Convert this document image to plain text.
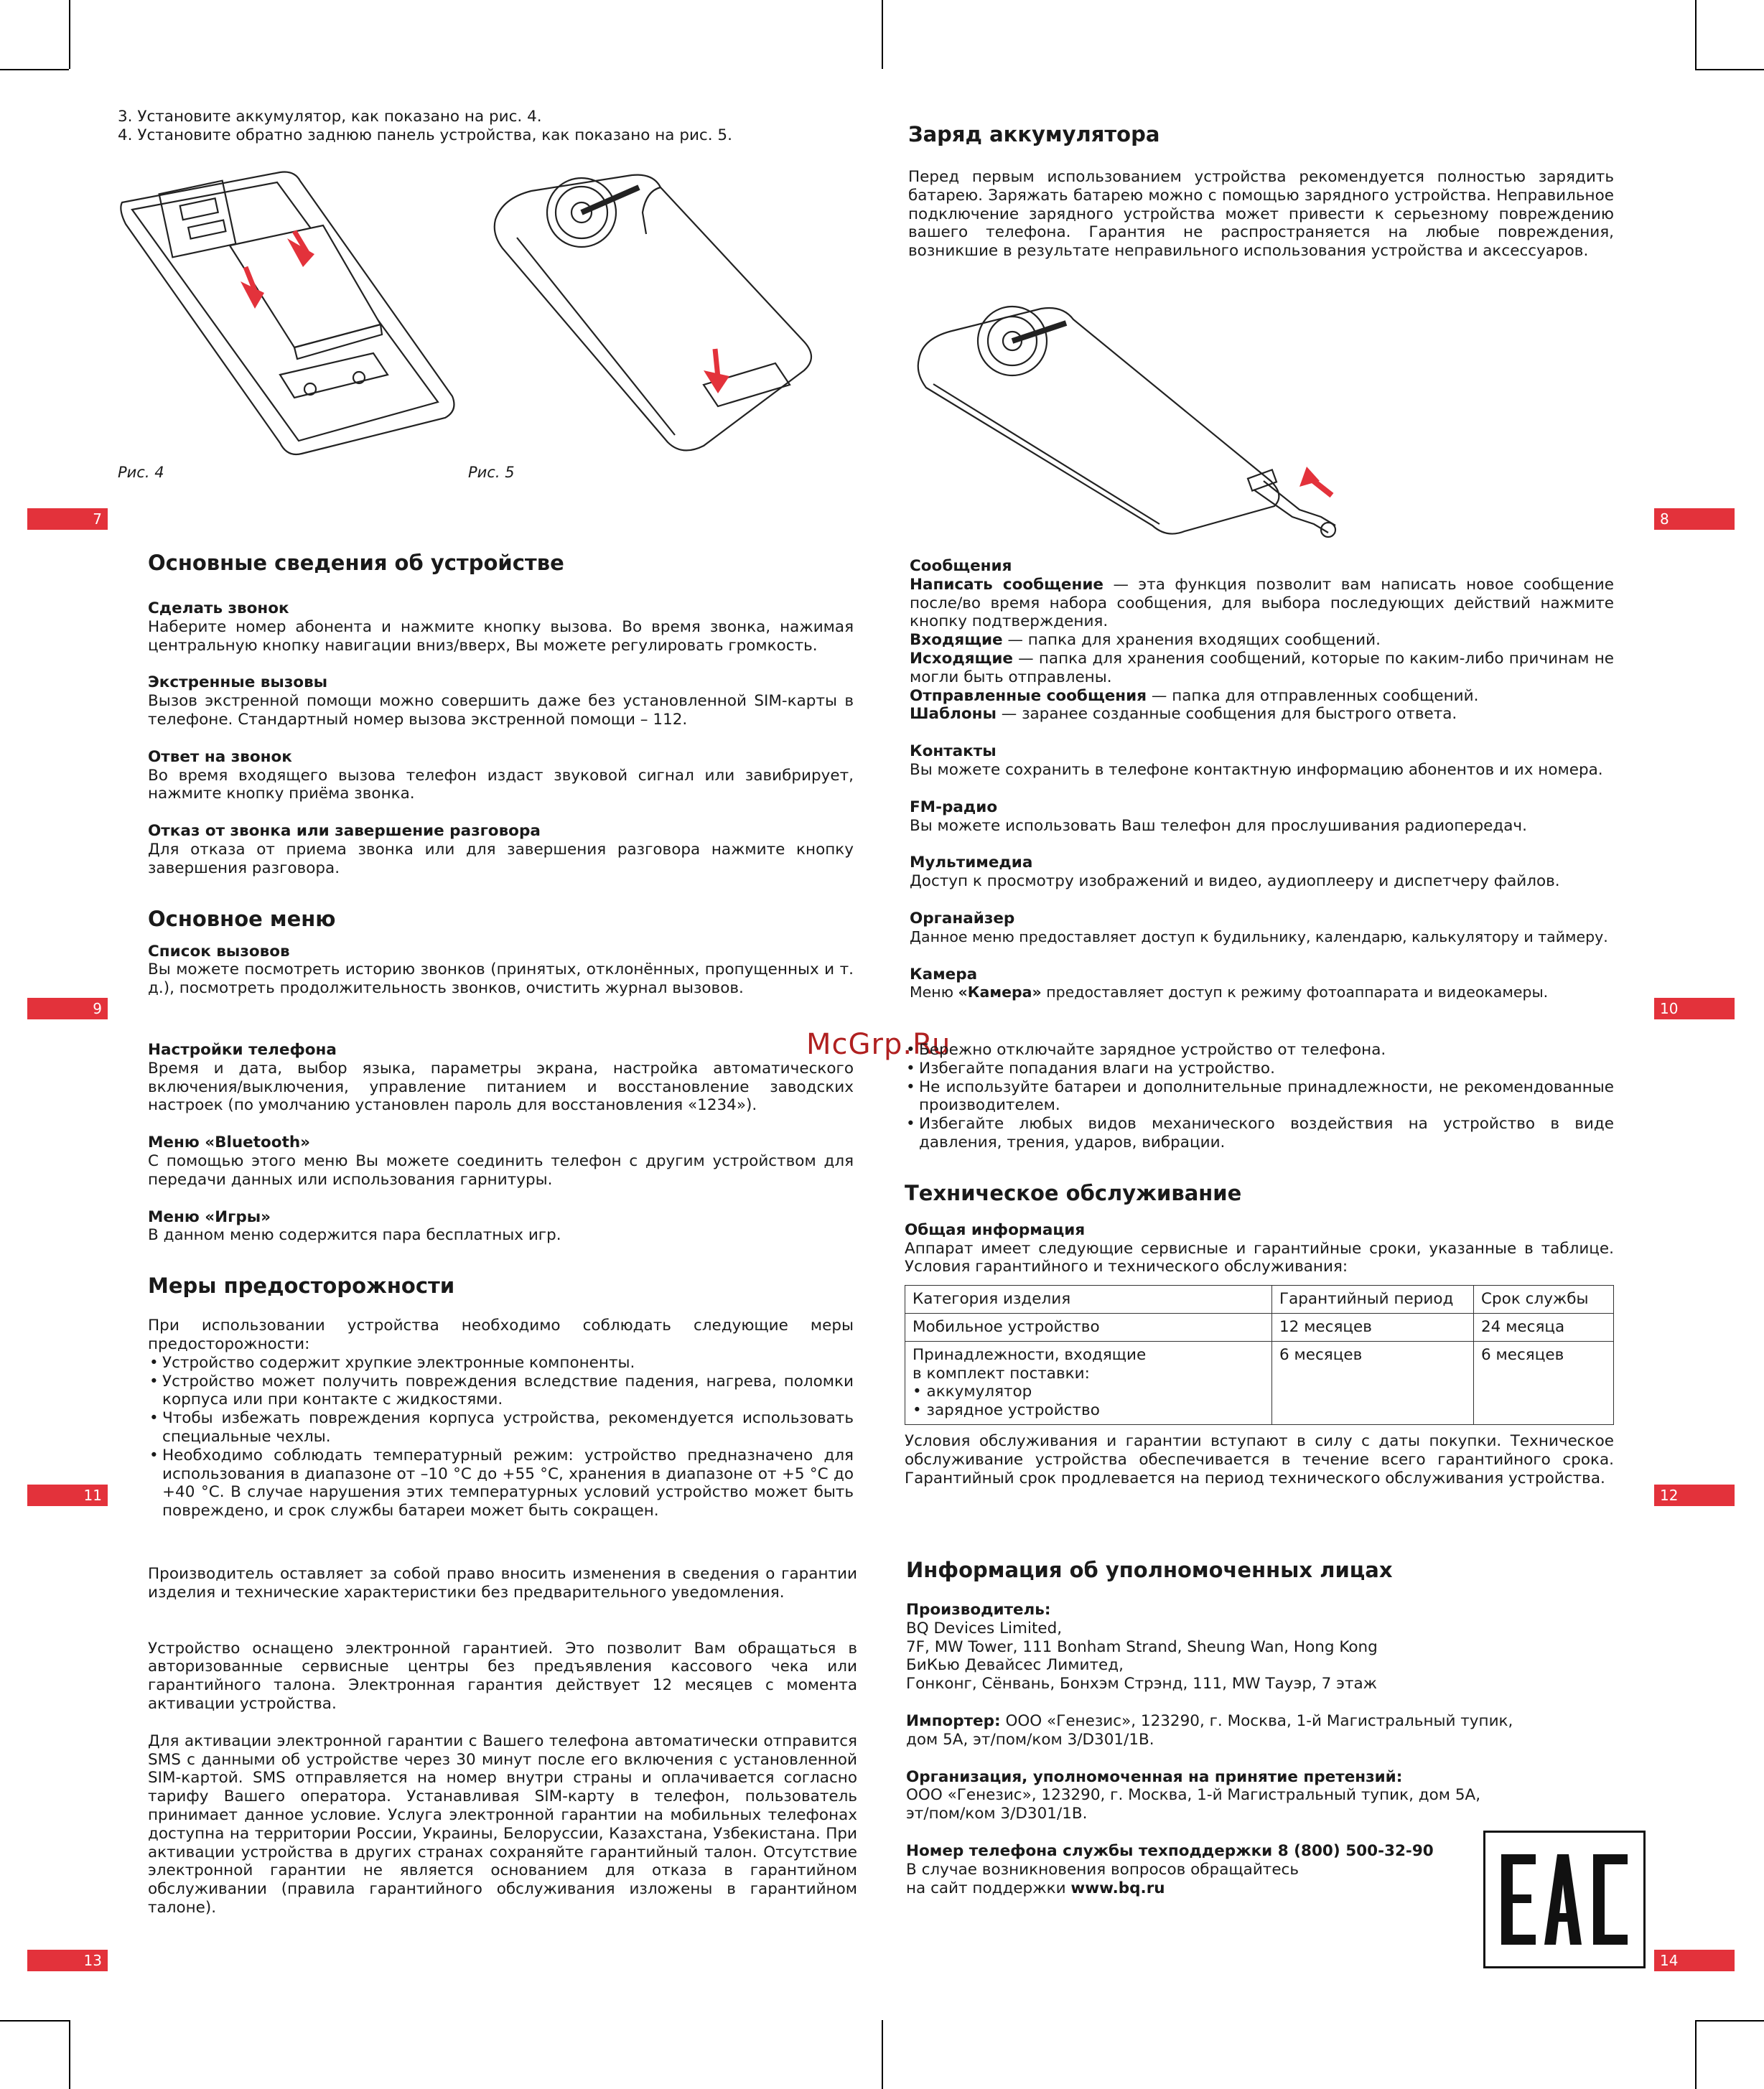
7	8
9	10
11	12
13	14

3. Установите аккумулятор, как показано на рис. 4.

4. Установите обратно заднюю панель устройства, как показано на рис. 5.

Рис. 4	Рис. 5
Заряд аккумулятора

Перед первым использованием устройства рекомендуется полностью зарядить батарею. Заряжать батарею можно с помощью зарядного устройства. Неправильное подключение зарядного устройства может привести к серьезному повреждению вашего телефона. Гарантия не распространяется на любые повреждения, возникшие в результате неправильного использования устройства и аксессуаров.

Основные сведения об устройстве

Сделать звонок

Наберите номер абонента и нажмите кнопку вызова. Во время звонка, нажимая центральную кнопку навигации вниз/вверх, Вы можете регулировать громкость.

Экстренные вызовы

Вызов экстренной помощи можно совершить даже без установленной SIM-карты в телефоне. Стандартный номер вызова экстренной помощи – 112.

Ответ на звонок

Во время входящего вызова телефон издаст звуковой сигнал или завибрирует, нажмите кнопку приёма звонка.

Отказ от звонка или завершение разговора

Для отказа от приема звонка или для завершения разговора нажмите кнопку завершения разговора.

Основное меню

Список вызовов

Вы можете посмотреть историю звонков (принятых, отклонённых, пропущенных и т. д.), посмотреть продолжительность звонков, очистить журнал вызовов.

Настройки телефона

Время и дата, выбор языка, параметры экрана, настройка автоматического включения/выключения, управление питанием и восстановление заводских настроек (по умолчанию установлен пароль для восстановления «1234»).

Меню «Bluetooth»

С помощью этого меню Вы можете соединить телефон с другим устройством для передачи данных или использования гарнитуры.

Меню «Игры»

В данном меню содержится пара бесплатных игр.

Меры предосторожности

При использовании устройства необходимо соблюдать следующие меры предосторожности:

• Устройство содержит хрупкие электронные компоненты.
• Устройство может получить повреждения вследствие падения, нагрева, поломки корпуса или при контакте с жидкостями.
• Чтобы избежать повреждения корпуса устройства, рекомендуется использовать специальные чехлы.
• Необходимо соблюдать температурный режим: устройство предназначено для использования в диапазоне от –10 °C до +55 °C, хранения в диапазоне от +5 °C до +40 °C. В случае нарушения этих температурных условий устройство может быть повреждено, и срок службы батареи может быть сокращен.

Производитель оставляет за собой право вносить изменения в сведения о гарантии изделия и технические характеристики без предварительного уведомления.

Устройство оснащено электронной гарантией. Это позволит Вам обращаться в авторизованные сервисные центры без предъявления кассового чека или гарантийного талона. Электронная гарантия действует 12 месяцев с момента активации устройства.

Для активации электронной гарантии с Вашего телефона автоматически отправится SMS с данными об устройстве через 30 минут после его включения с установленной SIM-картой. SMS отправляется на номер внутри страны и оплачивается согласно тарифу Вашего оператора. Устанавливая SIM-карту в телефон, пользователь принимает данное условие. Услуга электронной гарантии на мобильных телефонах доступна на территории России, Украины, Белоруссии, Казахстана, Узбекистана. При активации устройства в других странах сохраняйте гарантийный талон. Отсутствие электронной гарантии не является основанием для отказа в гарантийном обслуживании (правила гарантийного обслуживания изложены в гарантийном талоне).

Сообщения

Написать сообщение — эта функция позволит вам написать новое сообщение после/во время набора сообщения, для выбора последующих действий нажмите кнопку подтверждения.

Входящие — папка для хранения входящих сообщений.

Исходящие — папка для хранения сообщений, которые по каким-либо причинам не могли быть отправлены.

Отправленные сообщения — папка для отправленных сообщений.

Шаблоны — заранее созданные сообщения для быстрого ответа.

Контакты

Вы можете сохранить в телефоне контактную информацию абонентов и их номера.

FM-радио

Вы можете использовать Ваш телефон для прослушивания радиопередач.

Мультимедиа

Доступ к просмотру изображений и видео, аудиоплееру и диспетчеру файлов.

Органайзер

Данное меню предоставляет доступ к будильнику, календарю, калькулятору и таймеру.

Камера

Меню «Камера» предоставляет доступ к режиму фотоаппарата и видеокамеры.

McGrp.Ru
• Бережно отключайте зарядное устройство от телефона.
• Избегайте попадания влаги на устройство.
• Не используйте батареи и дополнительные принадлежности, не рекомендованные производителем.
• Избегайте любых видов механического воздействия на устройство в виде давления, трения, ударов, вибрации.
Техническое обслуживание

Общая информация

Аппарат имеет следующие сервисные и гарантийные сроки, указанные в таблице. Условия гарантийного и технического обслуживания:

Категория изделия	Гарантийный период	Срок службы
Мобильное устройство	12 месяцев	24 месяца

Принадлежности, входящие
в комплект поставки:
• аккумулятор
• зарядное устройство	6 месяцев	6 месяцев

Условия обслуживания и гарантии вступают в силу с даты покупки. Техническое обслуживание устройства обеспечивается в течение всего гарантийного срока. Гарантийный срок продлевается на период технического обслуживания устройства.

Информация об уполномоченных лицах

Производитель:

BQ Devices Limited,

7F, MW Tower, 111 Bonham Strand, Sheung Wan, Hong Kong

БиКью Девайсес Лимитед,

Гонконг, Сёнвань, Бонхэм Стрэнд, 111, MW Тауэр, 7 этаж

Импортер: ООО «Генезис», 123290, г. Москва, 1-й Магистральный тупик,

дом 5А, эт/пом/ком 3/D301/1В.

Организация, уполномоченная на принятие претензий:

ООО «Генезис», 123290, г. Москва, 1-й Магистральный тупик, дом 5А,

эт/пом/ком 3/D301/1В.

Номер телефона службы техподдержки 8 (800) 500-32-90

В случае возникновения вопросов обращайтесь

на сайт поддержки www.bq.ru
